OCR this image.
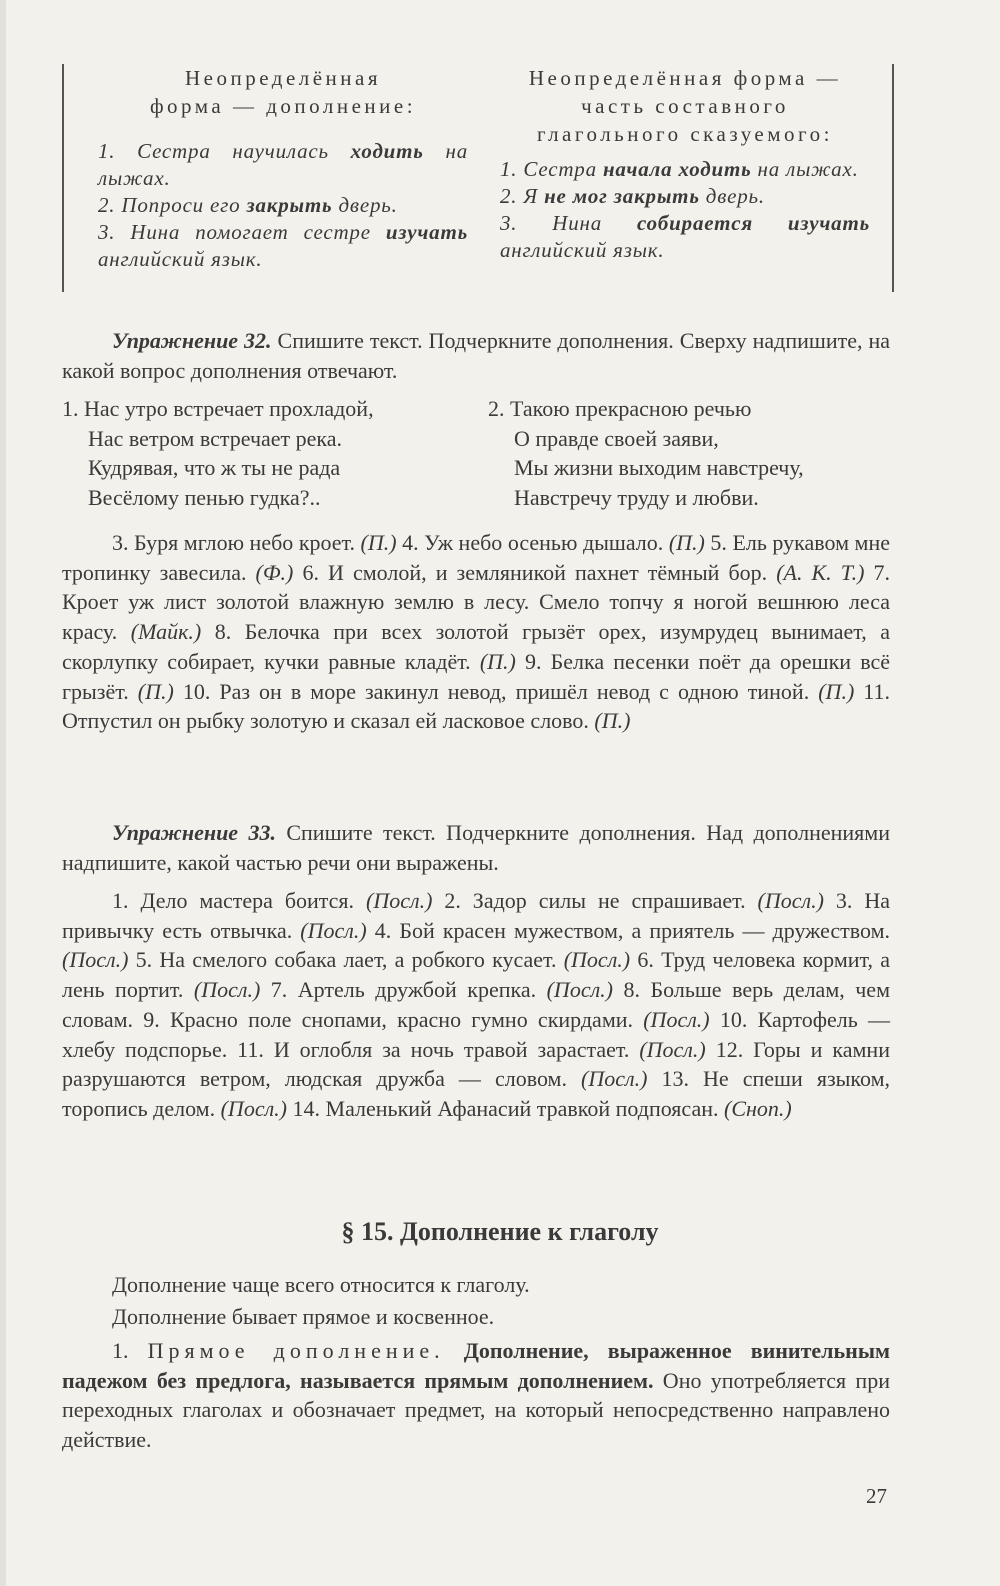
Неопределённая
форма — дополнение:
1. Сестра научилась ходить на лыжах.
2. Попроси его закрыть дверь.
3. Нина помогает сестре изучать английский язык.
Неопределённая форма —
часть составного
глагольного сказуемого:
1. Сестра начала ходить на лыжах.
2. Я не мог закрыть дверь.
3. Нина собирается изучать английский язык.
Упражнение 32. Спишите текст. Подчеркните дополнения. Сверху надпишите, на какой вопрос дополнения отвечают.
1. Нас утро встречает прохладой,
Нас ветром встречает река.
Кудрявая, что ж ты не рада
Весёлому пенью гудка?..
2. Такою прекрасною речью
О правде своей заяви,
Мы жизни выходим навстречу,
Навстречу труду и любви.
3. Буря мглою небо кроет. (П.) 4. Уж небо осенью дышало. (П.) 5. Ель рукавом мне тропинку завесила. (Ф.) 6. И смолой, и земляникой пахнет тёмный бор. (А. К. Т.) 7. Кроет уж лист золотой влажную землю в лесу. Смело топчу я ногой вешнюю леса красу. (Майк.) 8. Белочка при всех золотой грызёт орех, изумрудец вынимает, а скорлупку собирает, кучки равные кладёт. (П.) 9. Белка песенки поёт да орешки всё грызёт. (П.) 10. Раз он в море закинул невод, пришёл невод с одною тиной. (П.) 11. Отпустил он рыбку золотую и сказал ей ласковое слово. (П.)
Упражнение 33. Спишите текст. Подчеркните дополнения. Над дополнениями надпишите, какой частью речи они выражены.
1. Дело мастера боится. (Посл.) 2. Задор силы не спрашивает. (Посл.) 3. На привычку есть отвычка. (Посл.) 4. Бой красен мужеством, а приятель — дружеством. (Посл.) 5. На смелого собака лает, а робкого кусает. (Посл.) 6. Труд человека кормит, а лень портит. (Посл.) 7. Артель дружбой крепка. (Посл.) 8. Больше верь делам, чем словам. 9. Красно поле снопами, красно гумно скирдами. (Посл.) 10. Картофель — хлебу подспорье. 11. И оглобля за ночь травой зарастает. (Посл.) 12. Горы и камни разрушаются ветром, людская дружба — словом. (Посл.) 13. Не спеши языком, торопись делом. (Посл.) 14. Маленький Афанасий травкой подпоясан. (Сноп.)
§ 15. Дополнение к глаголу
Дополнение чаще всего относится к глаголу.
Дополнение бывает прямое и косвенное.
1. Прямое дополнение. Дополнение, выраженное винительным падежом без предлога, называется прямым дополнением. Оно употребляется при переходных глаголах и обозначает предмет, на который непосредственно направлено действие.
27
